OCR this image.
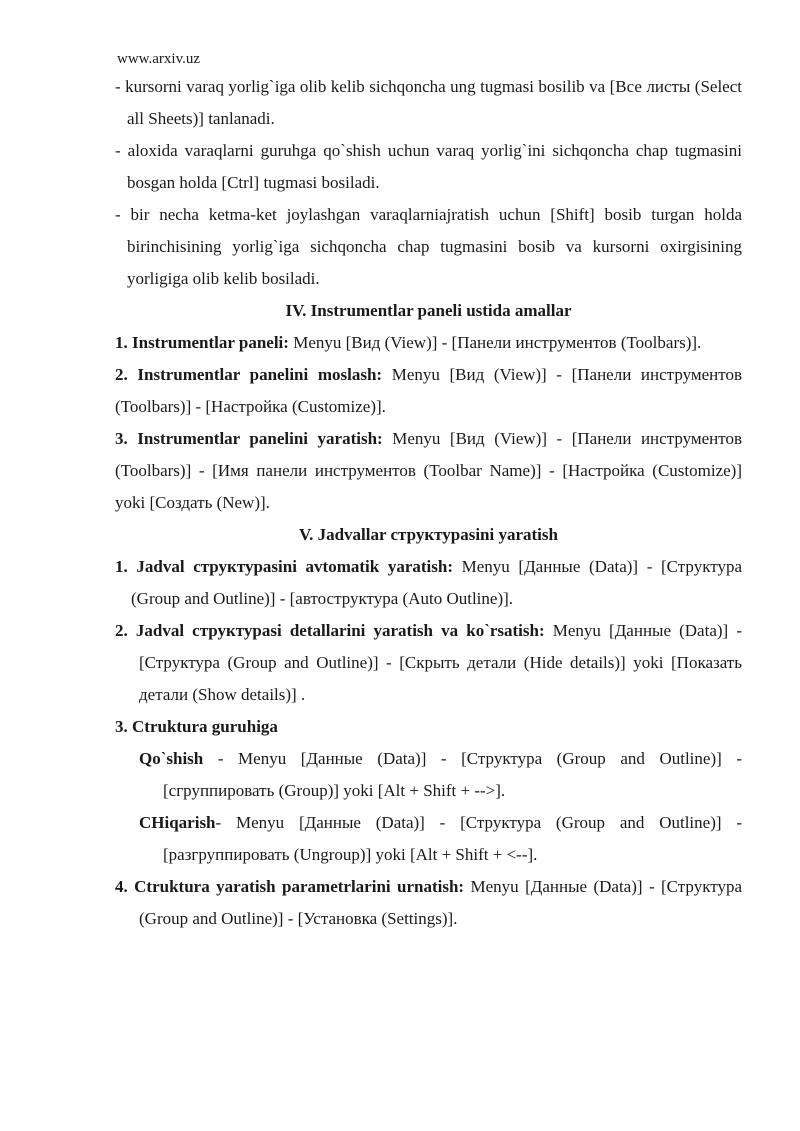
www.arxiv.uz

- kursorni varaq yorlig`iga olib kelib sichqoncha ung tugmasi bosilib va [Все листы (Select all Sheets)] tanlanadi.

- aloxida varaqlarni guruhga qo`shish uchun varaq yorlig`ini sichqoncha chap tugmasini bosgan holda [Ctrl] tugmasi bosiladi.

- bir necha ketma-ket joylashgan varaqlarniajratish uchun [Shift] bosib turgan holda birinchisining yorlig`iga sichqoncha chap tugmasini bosib va kursorni oxirgisining yorligiga olib kelib bosiladi.

IV. Instrumentlar paneli ustida amallar

1. Instrumentlar paneli: Menyu [Вид (View)] - [Панели инструментов (Toolbars)].

2. Instrumentlar panelini moslash: Menyu [Вид (View)] - [Панели инструментов (Toolbars)] - [Настройка (Customize)].

3. Instrumentlar panelini yaratish: Menyu [Вид (View)] - [Панели инструментов (Toolbars)] - [Имя панели инструментов (Toolbar Name)] - [Настройка (Customize)] yoki [Создать (New)].

V. Jadvallar структурasini yaratish

1. Jadval структурasini avtomatik yaratish: Menyu [Данные (Data)] - [Структура (Group and Outline)] - [автоструктура (Auto Outline)].

2. Jadval структурasi detallarini yaratish va ko`rsatish: Menyu [Данные (Data)] - [Структура (Group and Outline)] - [Скрыть детали (Hide details)] yoki [Показать детали (Show details)] .

3. Ctruktura guruhiga

Qo`shish - Menyu [Данные (Data)] - [Структура (Group and Outline)] - [сгруппировать (Group)] yoki [Alt + Shift + -->].

CHiqarish- Menyu [Данные (Data)] - [Структура (Group and Outline)] - [разгруппировать (Ungroup)] yoki [Alt + Shift + <--].

4. Ctruktura yaratish parametrlarini urnatish: Menyu [Данные (Data)] - [Структура (Group and Outline)] - [Установка (Settings)].
